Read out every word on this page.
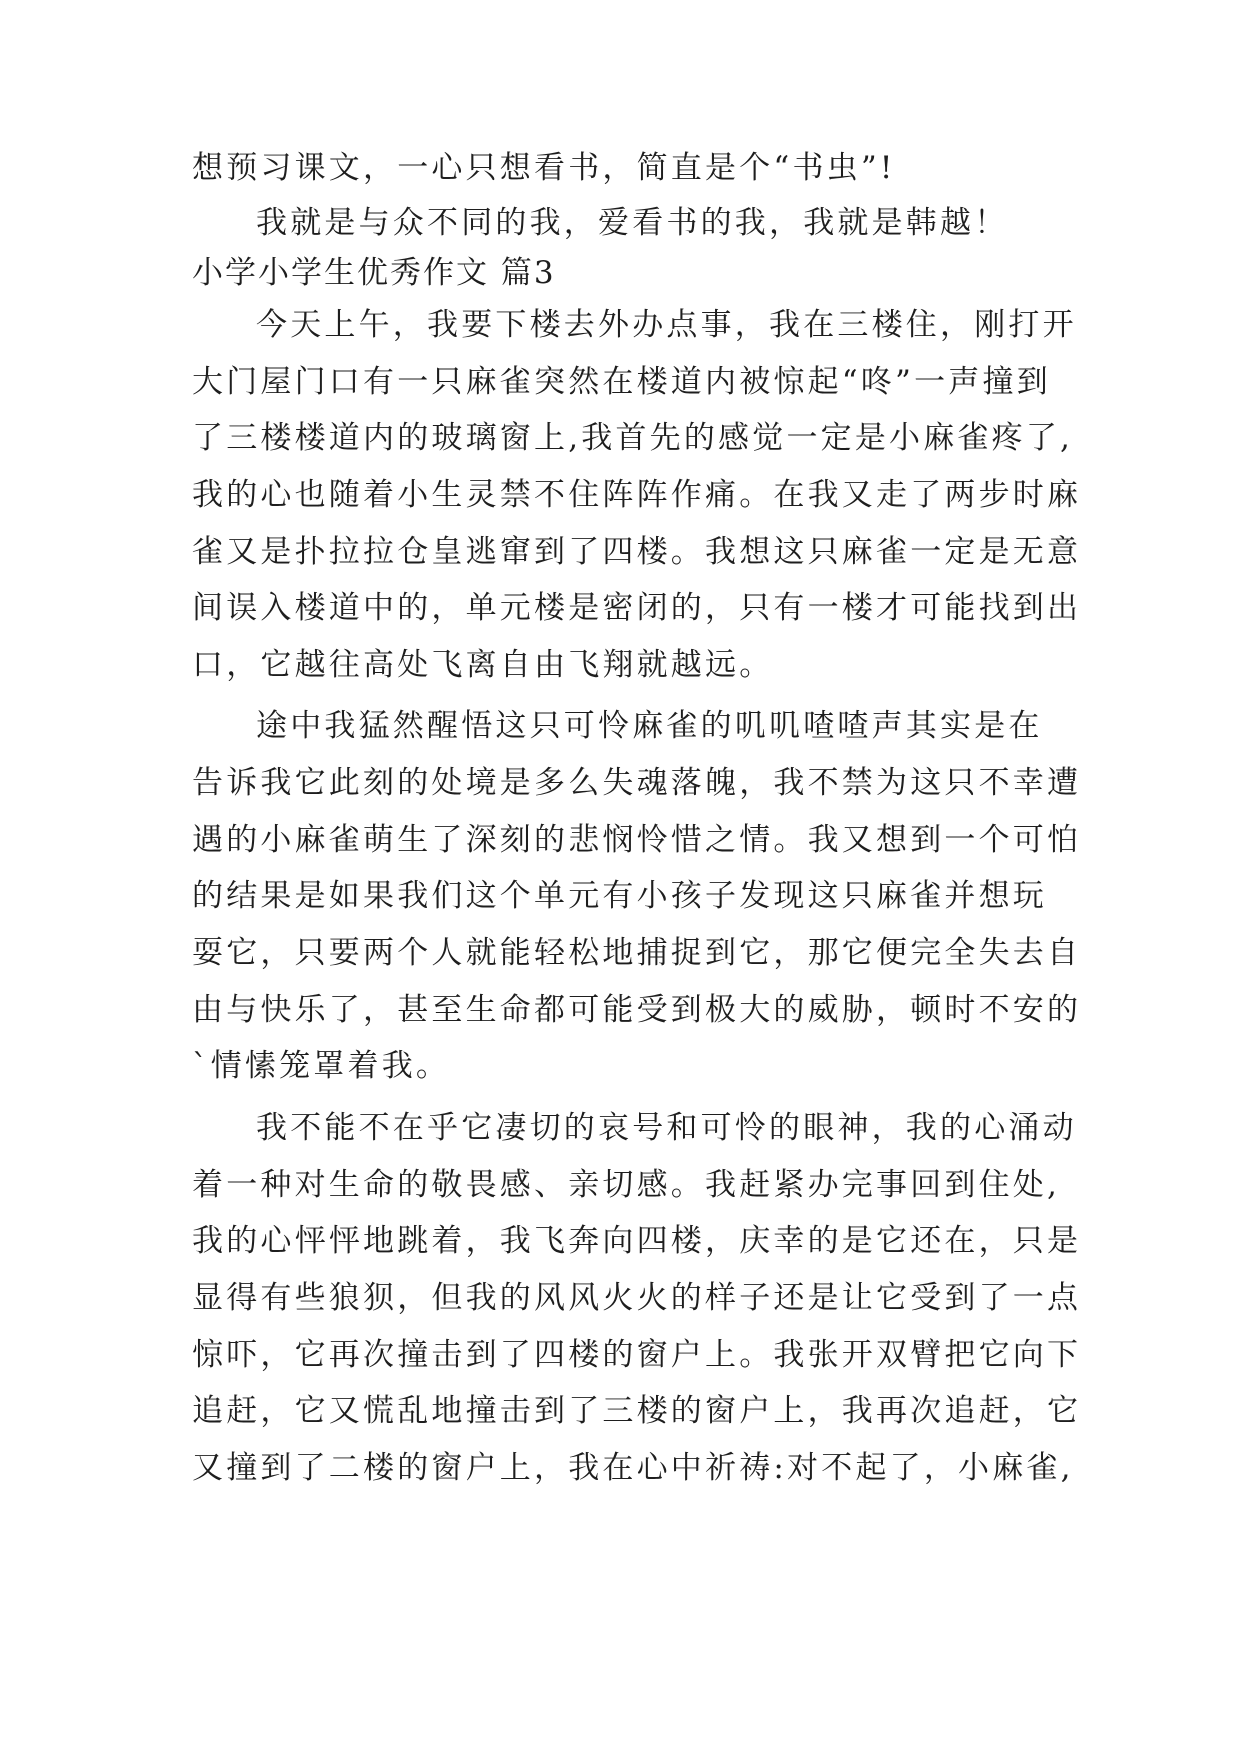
想预习课文，一心只想看书，简直是个“书虫”!
我就是与众不同的我，爱看书的我，我就是韩越！
小学小学生优秀作文 篇3
今天上午，我要下楼去外办点事，我在三楼住，刚打开
大门屋门口有一只麻雀突然在楼道内被惊起“咚”一声撞到
了三楼楼道内的玻璃窗上,我首先的感觉一定是小麻雀疼了,
我的心也随着小生灵禁不住阵阵作痛。在我又走了两步时麻
雀又是扑拉拉仓皇逃窜到了四楼。我想这只麻雀一定是无意
间误入楼道中的，单元楼是密闭的，只有一楼才可能找到出
口，它越往高处飞离自由飞翔就越远。
途中我猛然醒悟这只可怜麻雀的叽叽喳喳声其实是在
告诉我它此刻的处境是多么失魂落魄，我不禁为这只不幸遭
遇的小麻雀萌生了深刻的悲悯怜惜之情。我又想到一个可怕
的结果是如果我们这个单元有小孩子发现这只麻雀并想玩
耍它，只要两个人就能轻松地捕捉到它，那它便完全失去自
由与快乐了，甚至生命都可能受到极大的威胁，顿时不安的
`情愫笼罩着我。
我不能不在乎它凄切的哀号和可怜的眼神，我的心涌动
着一种对生命的敬畏感、亲切感。我赶紧办完事回到住处,
我的心怦怦地跳着，我飞奔向四楼，庆幸的是它还在，只是
显得有些狼狈，但我的风风火火的样子还是让它受到了一点
惊吓，它再次撞击到了四楼的窗户上。我张开双臂把它向下
追赶，它又慌乱地撞击到了三楼的窗户上，我再次追赶，它
又撞到了二楼的窗户上，我在心中祈祷:对不起了，小麻雀,
